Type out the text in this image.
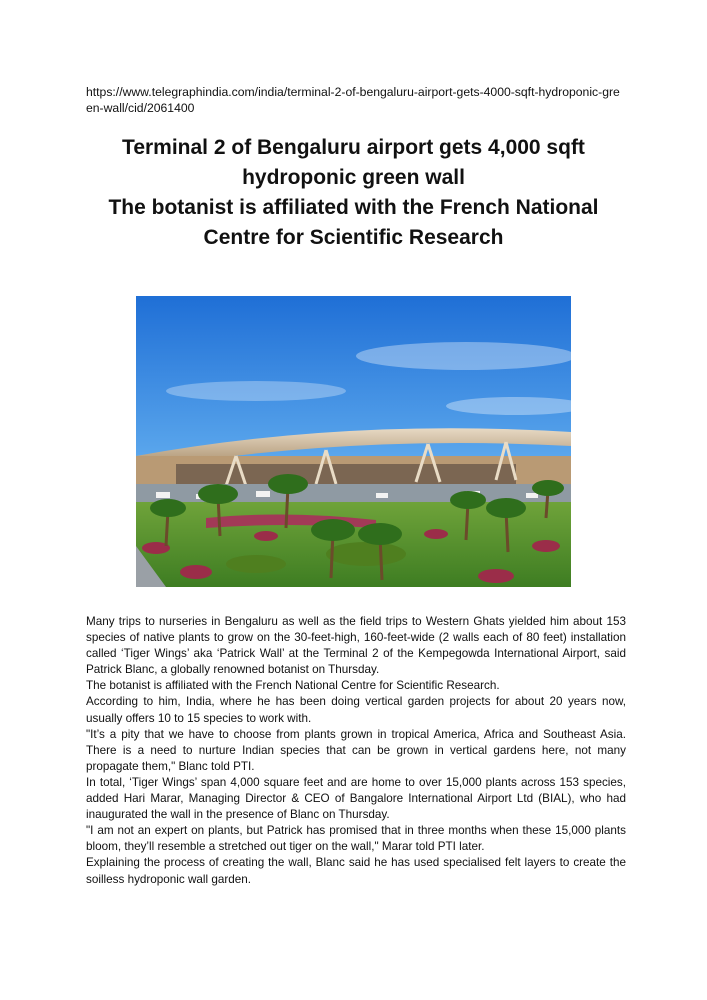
https://www.telegraphindia.com/india/terminal-2-of-bengaluru-airport-gets-4000-sqft-hydroponic-green-wall/cid/2061400
Terminal 2 of Bengaluru airport gets 4,000 sqft
hydroponic green wall
The botanist is affiliated with the French National
Centre for Scientific Research

Many trips to nurseries in Bengaluru as well as the field trips to Western Ghats yielded him about 153 species of native plants to grow on the 30-feet-high, 160-feet-wide (2 walls each of 80 feet) installation called ‘Tiger Wings’ aka ‘Patrick Wall’ at the Terminal 2 of the Kempegowda International Airport, said Patrick Blanc, a globally renowned botanist on Thursday.

The botanist is affiliated with the French National Centre for Scientific Research.

According to him, India, where he has been doing vertical garden projects for about 20 years now, usually offers 10 to 15 species to work with.

"It’s a pity that we have to choose from plants grown in tropical America, Africa and Southeast Asia. There is a need to nurture Indian species that can be grown in vertical gardens here, not many propagate them," Blanc told PTI.

In total, ‘Tiger Wings’ span 4,000 square feet and are home to over 15,000 plants across 153 species, added Hari Marar, Managing Director & CEO of Bangalore International Airport Ltd (BIAL), who had inaugurated the wall in the presence of Blanc on Thursday.

"I am not an expert on plants, but Patrick has promised that in three months when these 15,000 plants bloom, they’ll resemble a stretched out tiger on the wall," Marar told PTI later.

Explaining the process of creating the wall, Blanc said he has used specialised felt layers to create the soilless hydroponic wall garden.
